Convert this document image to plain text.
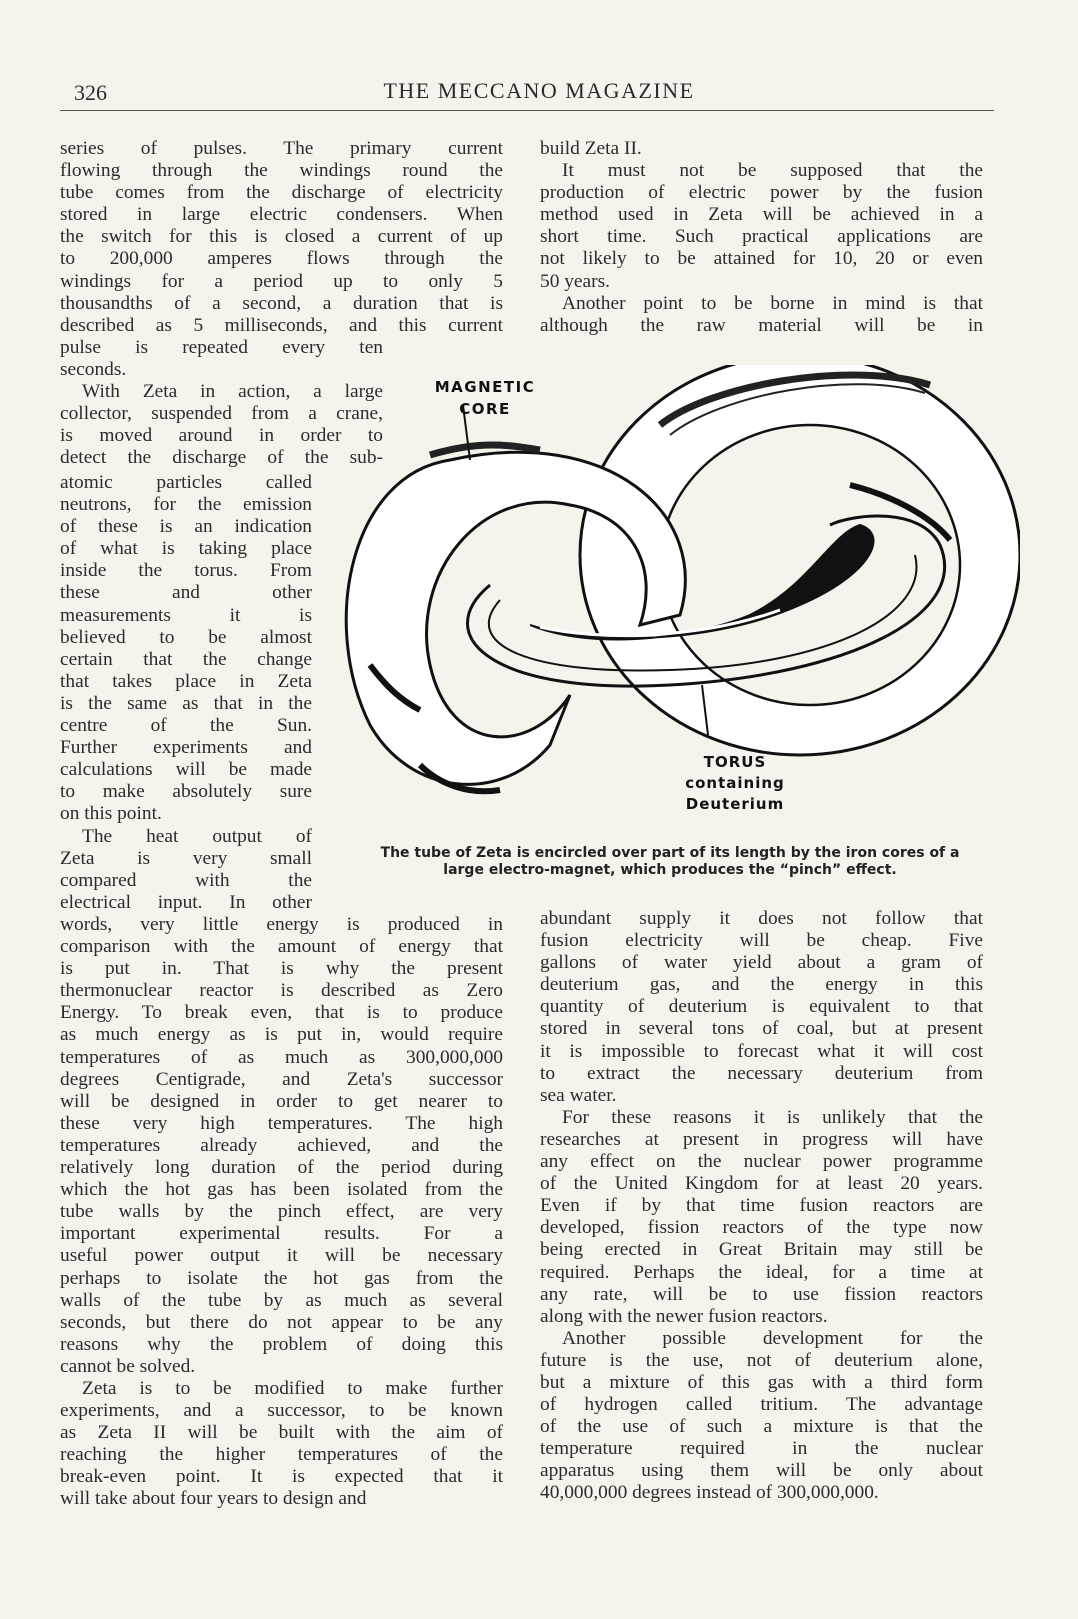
326	THE MECCANO MAGAZINE
series of pulses. The primary current
flowing through the windings round the
tube comes from the discharge of electricity
stored in large electric condensers. When
the switch for this is closed a current of up
to 200,000 amperes flows through the
windings for a period up to only 5
thousandths of a second, a duration that is
described as 5 milliseconds, and this current
pulse is repeated every ten
seconds.
With Zeta in action, a large
collector, suspended from a crane,
is moved around in order to
detect the discharge of the sub-
atomic particles called
neutrons, for the emission
of these is an indication
of what is taking place
inside the torus. From
these and other
measurements it is
believed to be almost
certain that the change
that takes place in Zeta
is the same as that in the
centre of the Sun.
Further experiments and
calculations will be made
to make absolutely sure
on this point.
The heat output of
Zeta is very small
compared with the
electrical input. In other
words, very little energy is produced in
comparison with the amount of energy that
is put in. That is why the present
thermonuclear reactor is described as Zero
Energy. To break even, that is to produce
as much energy as is put in, would require
temperatures of as much as 300,000,000
degrees Centigrade, and Zeta's successor
will be designed in order to get nearer to
these very high temperatures. The high
temperatures already achieved, and the
relatively long duration of the period during
which the hot gas has been isolated from the
tube walls by the pinch effect, are very
important experimental results. For a
useful power output it will be necessary
perhaps to isolate the hot gas from the
walls of the tube by as much as several
seconds, but there do not appear to be any
reasons why the problem of doing this
cannot be solved.
Zeta is to be modified to make further
experiments, and a successor, to be known
as Zeta II will be built with the aim of
reaching the higher temperatures of the
break-even point. It is expected that it
will take about four years to design and
build Zeta II.
It must not be supposed that the
production of electric power by the fusion
method used in Zeta will be achieved in a
short time. Such practical applications are
not likely to be attained for 10, 20 or even
50 years.
Another point to be borne in mind is that
although the raw material will be in
abundant supply it does not follow that
fusion electricity will be cheap. Five
gallons of water yield about a gram of
deuterium gas, and the energy in this
quantity of deuterium is equivalent to that
stored in several tons of coal, but at present
it is impossible to forecast what it will cost
to extract the necessary deuterium from
sea water.
For these reasons it is unlikely that the
researches at present in progress will have
any effect on the nuclear power programme
of the United Kingdom for at least 20 years.
Even if by that time fusion reactors are
developed, fission reactors of the type now
being erected in Great Britain may still be
required. Perhaps the ideal, for a time at
any rate, will be to use fission reactors
along with the newer fusion reactors.
Another possible development for the
future is the use, not of deuterium alone,
but a mixture of this gas with a third form
of hydrogen called tritium. The advantage
of the use of such a mixture is that the
temperature required in the nuclear
apparatus using them will be only about
40,000,000 degrees instead of 300,000,000.
MAGNETIC
CORE
TORUS
containing
Deuterium
The tube of Zeta is encircled over part of its length by the iron cores of a
large electro-magnet, which produces the “pinch” effect.
